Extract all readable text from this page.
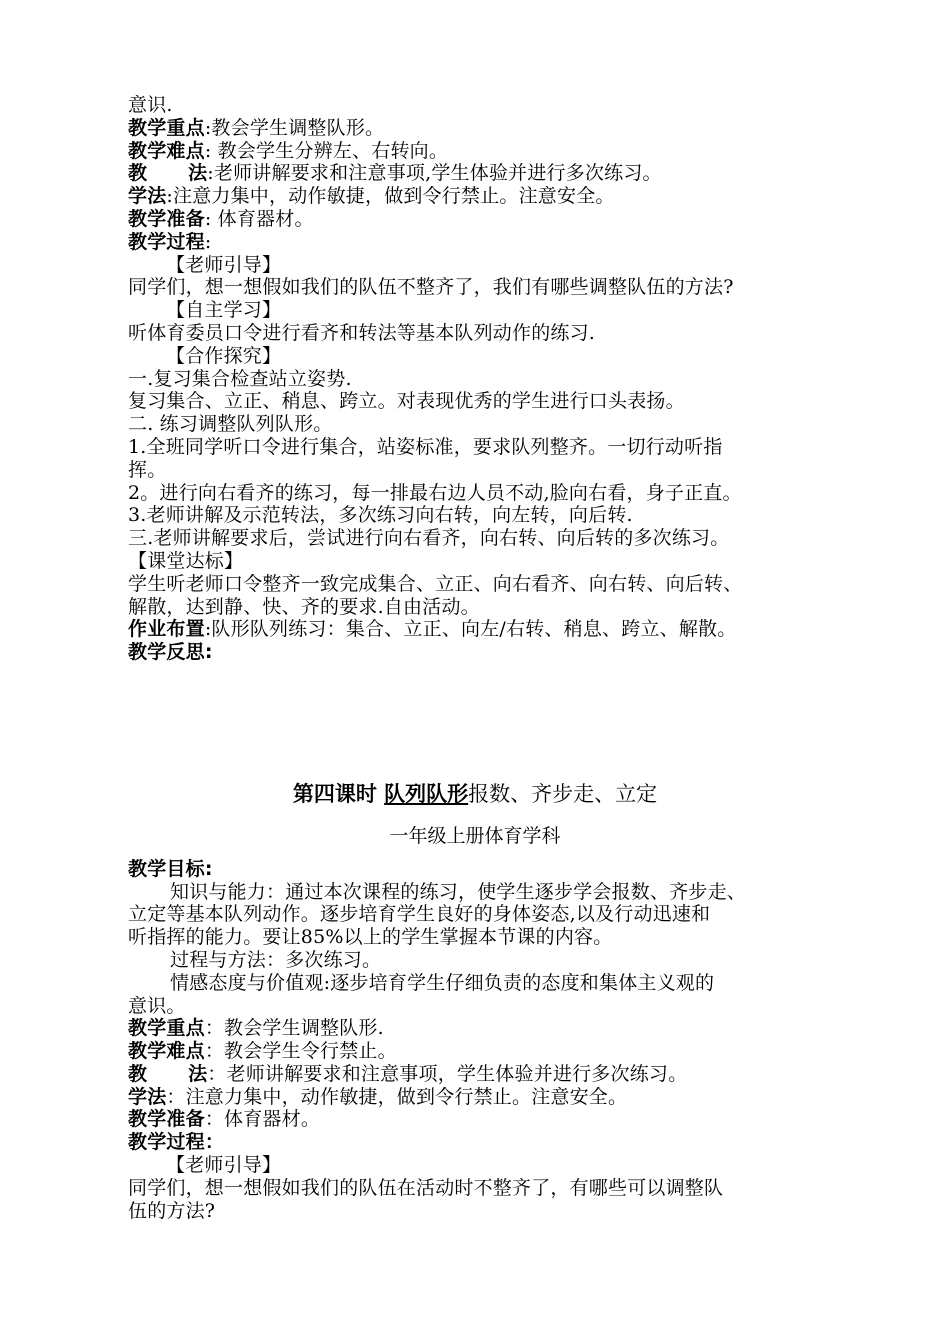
意识.
教学重点:教会学生调整队形。
教学难点: 教会学生分辨左、右转向。
教      法:老师讲解要求和注意事项,学生体验并进行多次练习。
学法:注意力集中，动作敏捷，做到令行禁止。注意安全。
教学准备: 体育器材。
教学过程:
【老师引导】
同学们，想一想假如我们的队伍不整齐了，我们有哪些调整队伍的方法?
【自主学习】
听体育委员口令进行看齐和转法等基本队列动作的练习.
【合作探究】
一.复习集合检查站立姿势.
复习集合、立正、稍息、跨立。对表现优秀的学生进行口头表扬。
二. 练习调整队列队形。
1.全班同学听口令进行集合，站姿标准，要求队列整齐。一切行动听指
挥。
2。进行向右看齐的练习，每一排最右边人员不动,脸向右看，身子正直。
3.老师讲解及示范转法，多次练习向右转，向左转，向后转.
三.老师讲解要求后，尝试进行向右看齐，向右转、向后转的多次练习。
【课堂达标】
学生听老师口令整齐一致完成集合、立正、向右看齐、向右转、向后转、
解散，达到静、快、齐的要求.自由活动。
作业布置:队形队列练习：集合、立正、向左/右转、稍息、跨立、解散。
教学反思:
第四课时 队列队形报数、齐步走、立定
一年级上册体育学科
教学目标:
知识与能力：通过本次课程的练习，使学生逐步学会报数、齐步走、
立定等基本队列动作。逐步培育学生良好的身体姿态,以及行动迅速和
听指挥的能力。要让85%以上的学生掌握本节课的内容。
过程与方法：多次练习。
情感态度与价值观:逐步培育学生仔细负责的态度和集体主义观的
意识。
教学重点：教会学生调整队形.
教学难点：教会学生令行禁止。
教      法：老师讲解要求和注意事项，学生体验并进行多次练习。
学法：注意力集中，动作敏捷，做到令行禁止。注意安全。
教学准备：体育器材。
教学过程：
【老师引导】
同学们，想一想假如我们的队伍在活动时不整齐了，有哪些可以调整队
伍的方法?
